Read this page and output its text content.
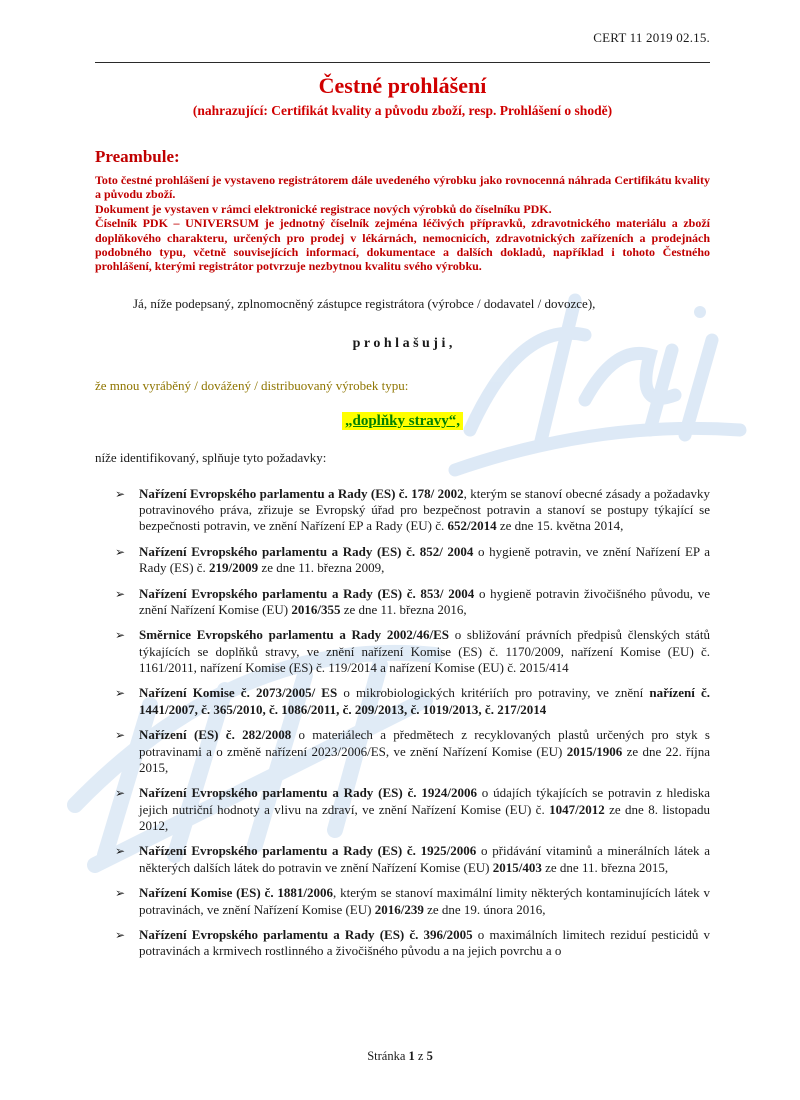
CERT 11 2019 02.15.
Čestné prohlášení
(nahrazující: Certifikát kvality a původu zboží, resp. Prohlášení o shodě)
Preambule:

Toto čestné prohlášení je vystaveno registrátorem dále uvedeného výrobku jako rovnocenná náhrada Certifikátu kvality a původu zboží.

Dokument je vystaven v rámci elektronické registrace nových výrobků do číselníku PDK.

Číselník PDK – UNIVERSUM je jednotný číselník zejména léčivých přípravků, zdravotnického materiálu a zboží doplňkového charakteru, určených pro prodej v lékárnách, nemocnicích, zdravotnických zařízeních a prodejnách podobného typu, včetně souvisejících informací, dokumentace a dalších dokladů, například i tohoto Čestného prohlášení, kterými registrátor potvrzuje nezbytnou kvalitu svého výrobku.

Já, níže podepsaný, zplnomocněný zástupce registrátora (výrobce / dodavatel / dovozce),

p r o h l a š u j i ,
že mnou vyráběný / dovážený / distribuovaný výrobek typu:
„doplňky stravy“,
níže identifikovaný, splňuje tyto požadavky:
➢	Nařízení Evropského parlamentu a Rady (ES) č. 178/ 2002, kterým se stanoví obecné zásady a požadavky potravinového práva, zřizuje se Evropský úřad pro bezpečnost potravin a stanoví se postupy týkající se bezpečnosti potravin, ve znění Nařízení EP a Rady (EU) č. 652/2014 ze dne 15. května 2014,
➢	Nařízení Evropského parlamentu a Rady (ES) č. 852/ 2004 o hygieně potravin, ve znění Nařízení EP a Rady (ES) č. 219/2009 ze dne 11. března 2009,
➢	Nařízení Evropského parlamentu a Rady (ES) č. 853/ 2004 o hygieně potravin živočišného původu, ve znění Nařízení Komise (EU) 2016/355 ze dne 11. března 2016,
➢	Směrnice Evropského parlamentu a Rady 2002/46/ES o sbližování právních předpisů členských států týkajících se doplňků stravy, ve znění nařízení Komise (ES) č. 1170/2009, nařízení Komise (EU) č. 1161/2011, nařízení Komise (ES) č. 119/2014 a nařízení Komise (EU) č. 2015/414
➢	Nařízení Komise č. 2073/2005/ ES o mikrobiologických kritériích pro potraviny, ve znění nařízení č. 1441/2007, č. 365/2010, č. 1086/2011, č. 209/2013, č. 1019/2013, č. 217/2014
➢	Nařízení (ES) č. 282/2008 o materiálech a předmětech z recyklovaných plastů určených pro styk s potravinami a o změně nařízení 2023/2006/ES, ve znění Nařízení Komise (EU) 2015/1906 ze dne 22. října 2015,
➢	Nařízení Evropského parlamentu a Rady (ES) č. 1924/2006 o údajích týkajících se potravin z hlediska jejich nutriční hodnoty a vlivu na zdraví, ve znění Nařízení Komise (EU) č. 1047/2012 ze dne 8. listopadu 2012,
➢	Nařízení Evropského parlamentu a Rady (ES) č. 1925/2006 o přidávání vitaminů a minerálních látek a některých dalších látek do potravin ve znění Nařízení Komise (EU) 2015/403 ze dne 11. března 2015,
➢	Nařízení Komise (ES) č. 1881/2006, kterým se stanoví maximální limity některých kontaminujících látek v potravinách, ve znění Nařízení Komise (EU) 2016/239 ze dne 19. února 2016,
➢	Nařízení Evropského parlamentu a Rady (ES) č. 396/2005 o maximálních limitech reziduí pesticidů v potravinách a krmivech rostlinného a živočišného původu a na jejich povrchu a o
Stránka 1 z 5
